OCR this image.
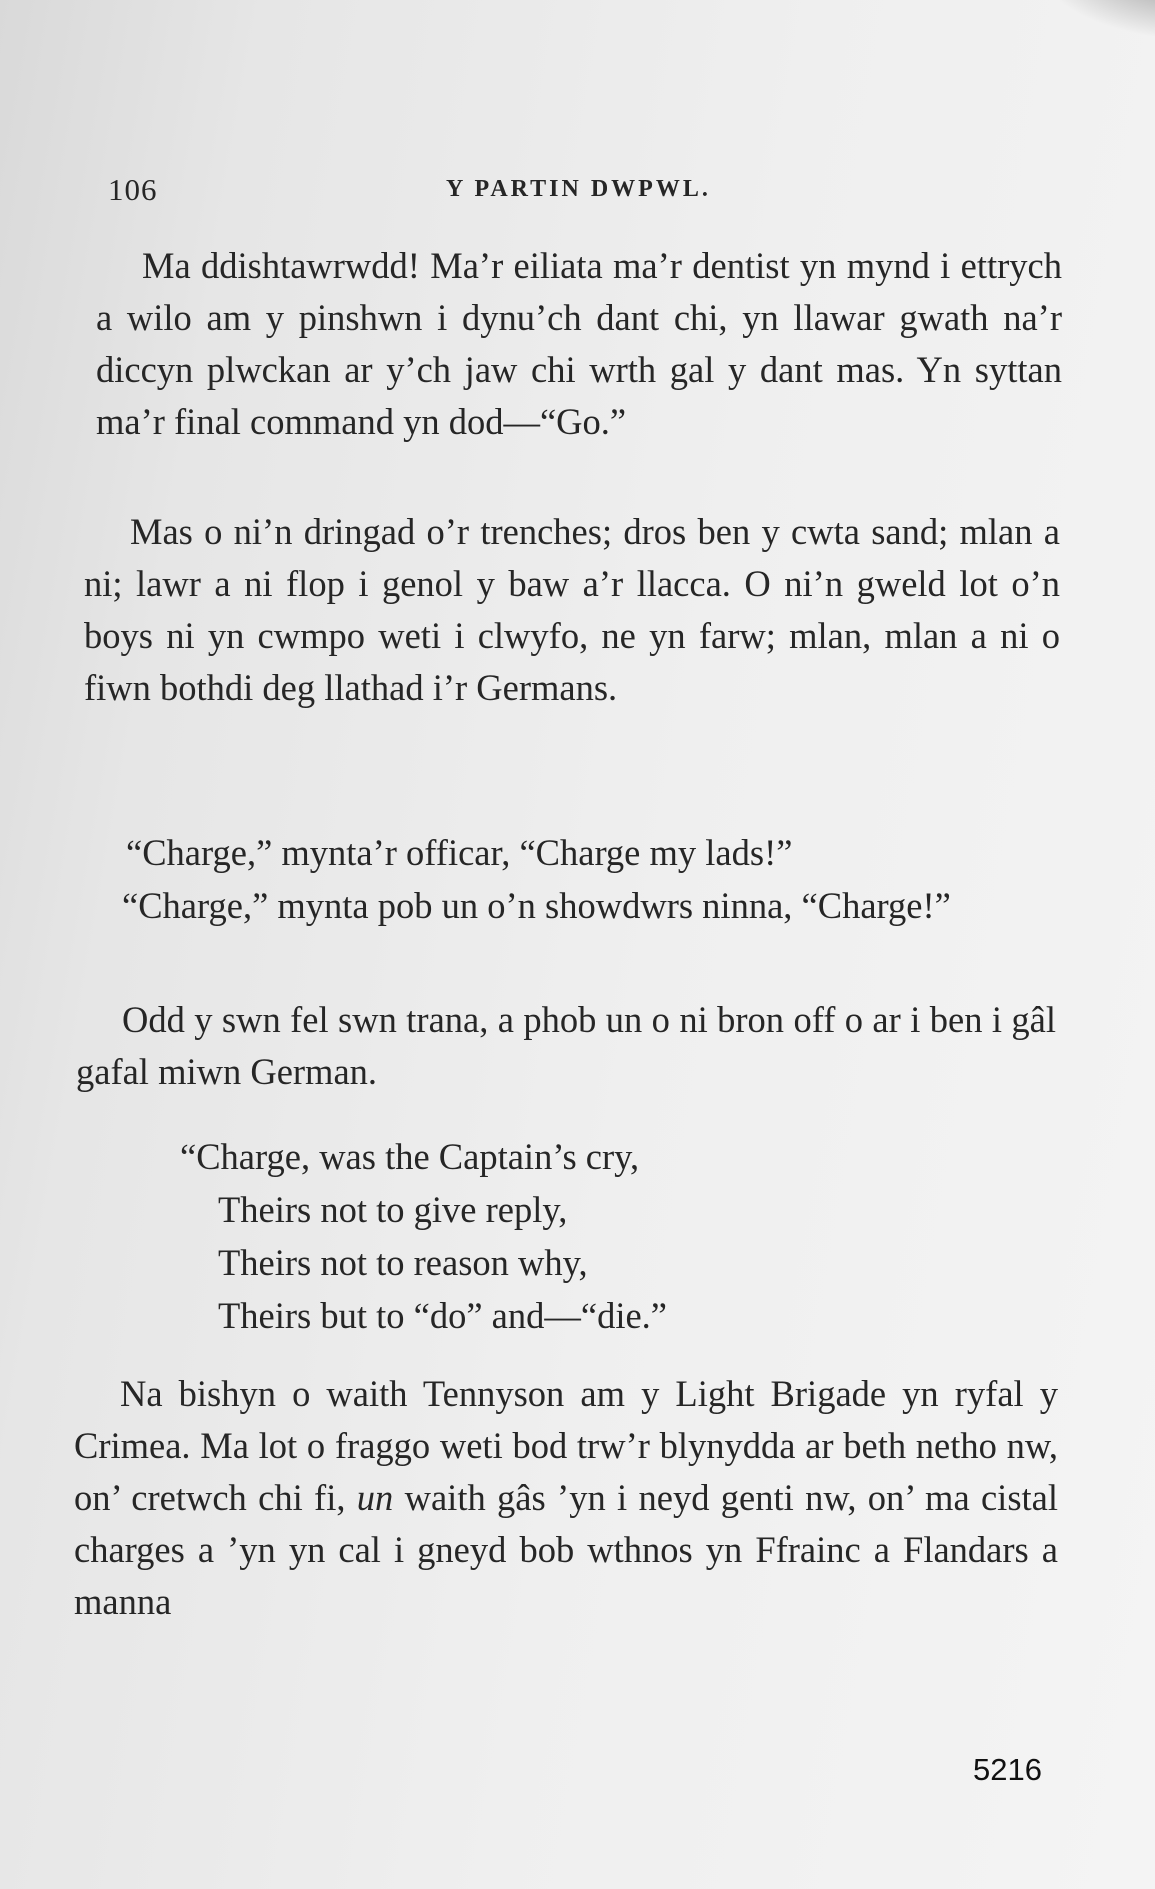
106	Y PARTIN DWPWL.

Ma ddishtawrwdd! Ma’r eiliata ma’r dentist yn mynd i ettrych a wilo am y pinshwn i dynu’ch dant chi, yn llawar gwath na’r diccyn plwckan ar y’ch jaw chi wrth gal y dant mas. Yn syttan ma’r final command yn dod—“Go.”

Mas o ni’n dringad o’r trenches; dros ben y cwta sand; mlan a ni; lawr a ni flop i genol y baw a’r llacca. O ni’n gweld lot o’n boys ni yn cwmpo weti i clwyfo, ne yn farw; mlan, mlan a ni o fiwn bothdi deg llathad i’r Germans.

“Charge,” mynta’r officar, “Charge my lads!”

“Charge,” mynta pob un o’n showdwrs ninna, “Charge!”

Odd y swn fel swn trana, a phob un o ni bron off o ar i ben i gâl gafal miwn German.

“Charge, was the Captain’s cry,
Theirs not to give reply,
Theirs not to reason why,
Theirs but to “do” and—“die.”

Na bishyn o waith Tennyson am y Light Brigade yn ryfal y Crimea. Ma lot o fraggo weti bod trw’r blynydda ar beth netho nw, on’ cretwch chi fi, un waith gâs ’yn i neyd genti nw, on’ ma cistal charges a ’yn yn cal i gneyd bob wthnos yn Ffrainc a Flandars a manna

5216
